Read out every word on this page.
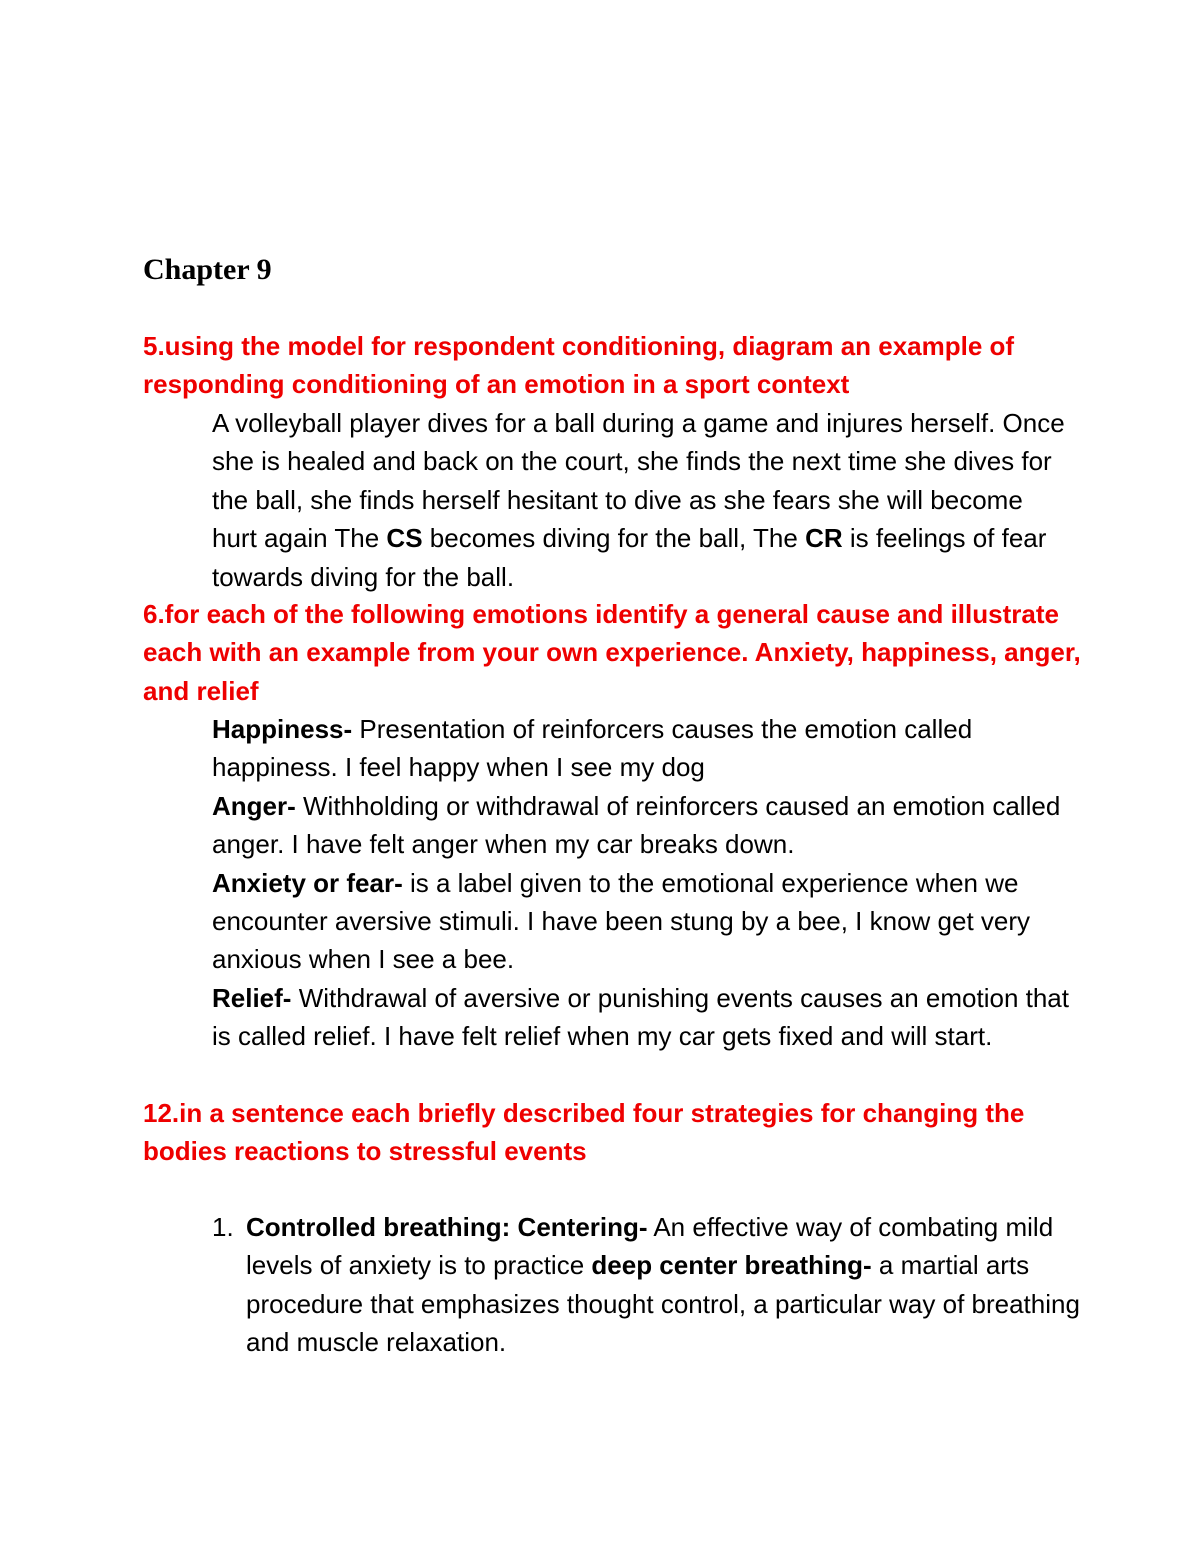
Chapter 9

5.using the model for respondent conditioning, diagram an example of responding conditioning of an emotion in a sport context

A volleyball player dives for a ball during a game and injures herself. Once she is healed and back on the court, she finds the next time she dives for the ball, she finds herself hesitant to dive as she fears she will become hurt again The CS becomes diving for the ball, The CR is feelings of fear towards diving for the ball.

6.for each of the following emotions identify a general cause and illustrate each with an example from your own experience. Anxiety, happiness, anger, and relief

Happiness- Presentation of reinforcers causes the emotion called happiness. I feel happy when I see my dog

Anger- Withholding or withdrawal of reinforcers caused an emotion called anger. I have felt anger when my car breaks down.

Anxiety or fear- is a label given to the emotional experience when we encounter aversive stimuli. I have been stung by a bee, I know get very anxious when I see a bee.

Relief- Withdrawal of aversive or punishing events causes an emotion that is called relief. I have felt relief when my car gets fixed and will start.

12.in a sentence each briefly described four strategies for changing the bodies reactions to stressful events

1. Controlled breathing: Centering- An effective way of combating mild levels of anxiety is to practice deep center breathing- a martial arts procedure that emphasizes thought control, a particular way of breathing and muscle relaxation.
